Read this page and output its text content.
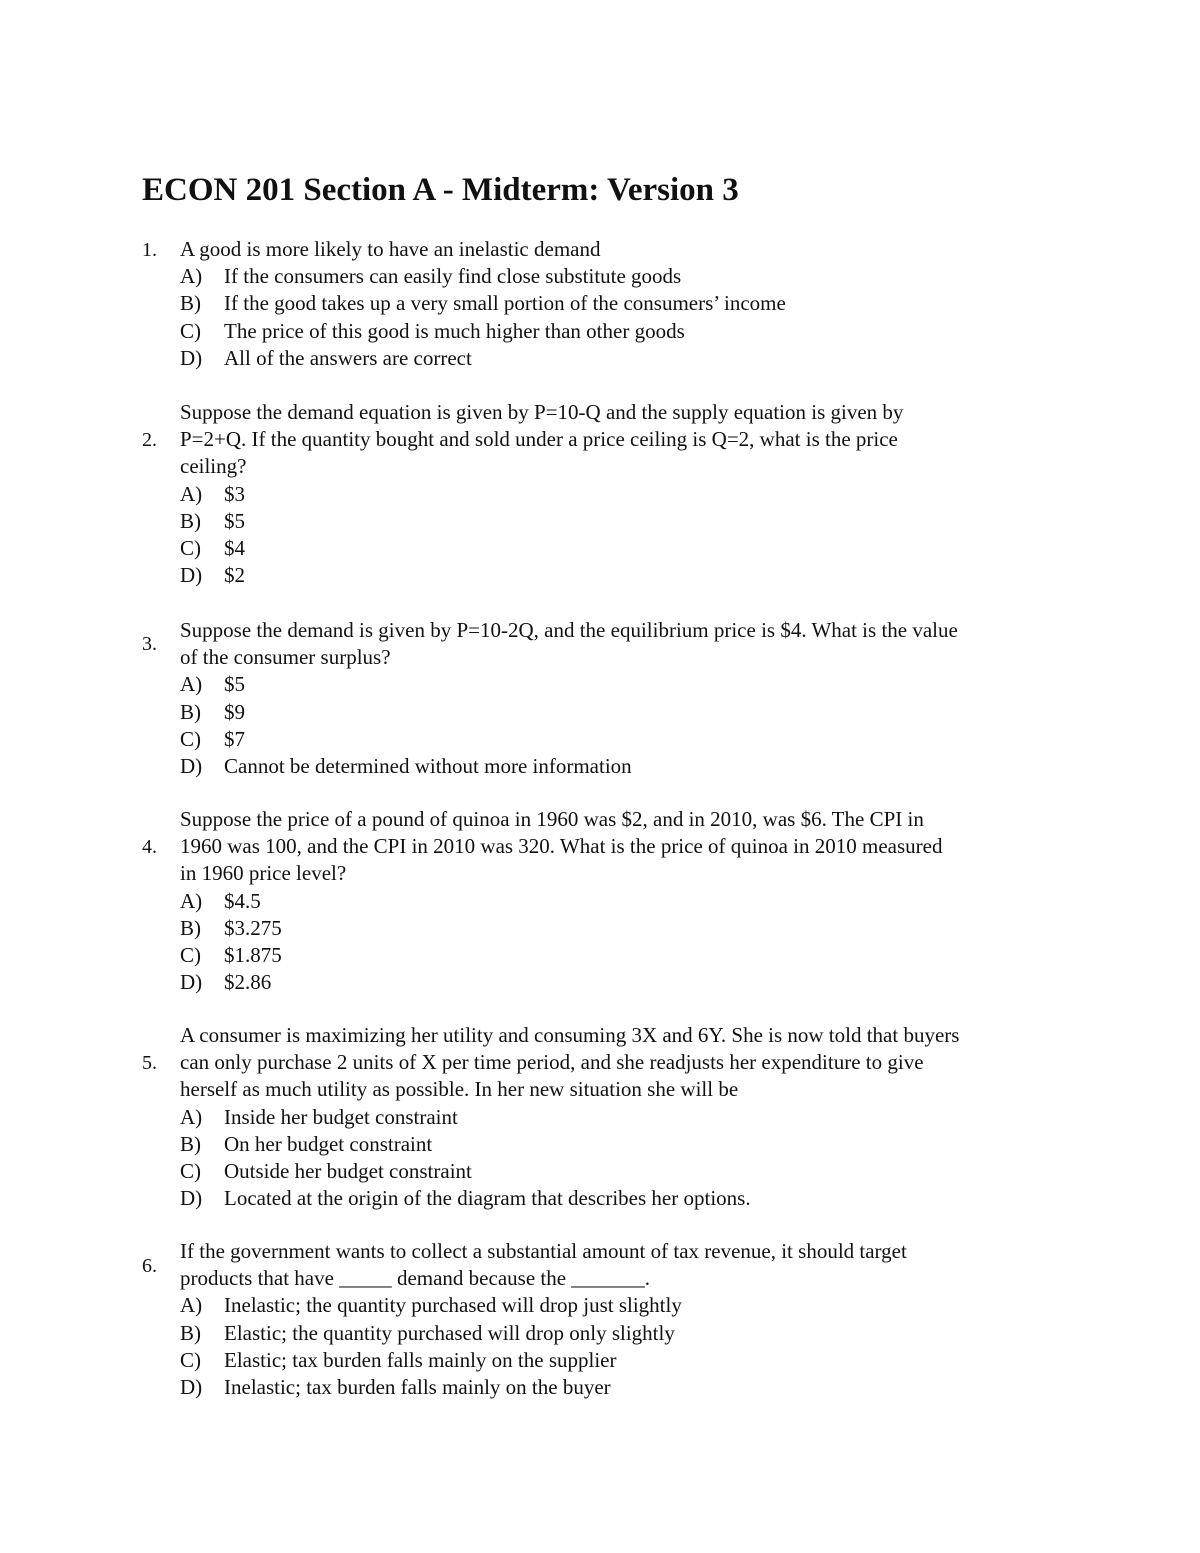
ECON 201 Section A - Midterm: Version 3
1. A good is more likely to have an inelastic demand
A) If the consumers can easily find close substitute goods
B) If the good takes up a very small portion of the consumers’ income
C) The price of this good is much higher than other goods
D) All of the answers are correct
2.
Suppose the demand equation is given by P=10-Q and the supply equation is given by
P=2+Q. If the quantity bought and sold under a price ceiling is Q=2, what is the price
ceiling?
A) $3
B) $5
C) $4
D) $2
3.
Suppose the demand is given by P=10-2Q, and the equilibrium price is $4. What is the value
of the consumer surplus?
A) $5
B) $9
C) $7
D) Cannot be determined without more information
4.
Suppose the price of a pound of quinoa in 1960 was $2, and in 2010, was $6. The CPI in
1960 was 100, and the CPI in 2010 was 320. What is the price of quinoa in 2010 measured
in 1960 price level?
A) $4.5
B) $3.275
C) $1.875
D) $2.86
5.
A consumer is maximizing her utility and consuming 3X and 6Y. She is now told that buyers
can only purchase 2 units of X per time period, and she readjusts her expenditure to give
herself as much utility as possible. In her new situation she will be
A) Inside her budget constraint
B) On her budget constraint
C) Outside her budget constraint
D) Located at the origin of the diagram that describes her options.
6.
If the government wants to collect a substantial amount of tax revenue, it should target
products that have _____ demand because the _______.
A) Inelastic; the quantity purchased will drop just slightly
B) Elastic; the quantity purchased will drop only slightly
C) Elastic; tax burden falls mainly on the supplier
D) Inelastic; tax burden falls mainly on the buyer
